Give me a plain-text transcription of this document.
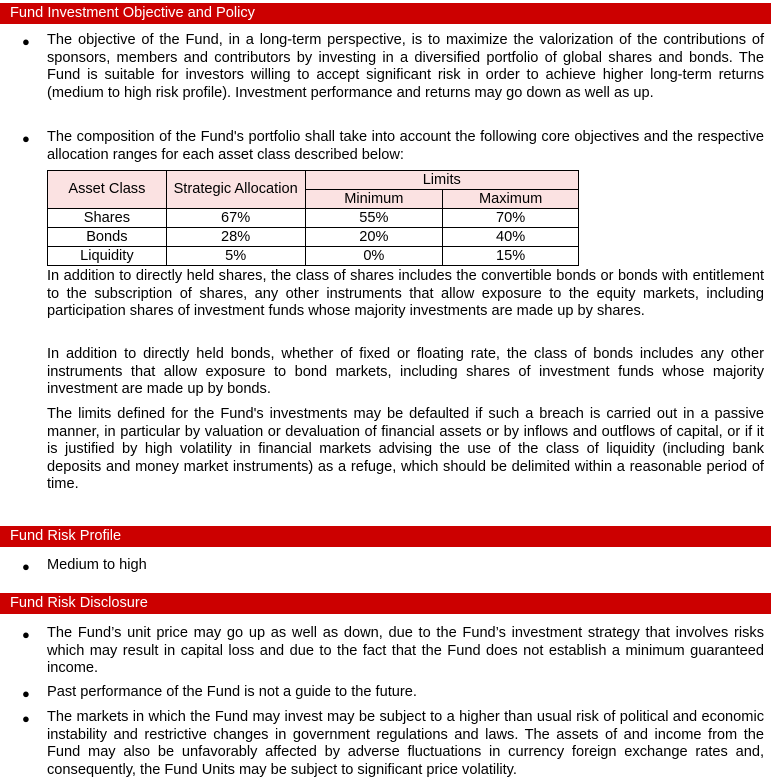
Fund Investment Objective and Policy
● The objective of the Fund, in a long-term perspective, is to maximize the valorization of the contributions of sponsors, members and contributors by investing in a diversified portfolio of global shares and bonds. The Fund is suitable for investors willing to accept significant risk in order to achieve higher long-term returns (medium to high risk profile). Investment performance and returns may go down as well as up.
● The composition of the Fund's portfolio shall take into account the following core objectives and the respective allocation ranges for each asset class described below:
Asset Class	Strategic Allocation	Limits	
		Minimum	Maximum
Shares	67%	55%	70%
Bonds	28%	20%	40%
Liquidity	5%	0%	15%
In addition to directly held shares, the class of shares includes the convertible bonds or bonds with entitlement to the subscription of shares, any other instruments that allow exposure to the equity markets, including participation shares of investment funds whose majority investments are made up by shares.
In addition to directly held bonds, whether of fixed or floating rate, the class of bonds includes any other instruments that allow exposure to bond markets, including shares of investment funds whose majority investment are made up by bonds.
The limits defined for the Fund's investments may be defaulted if such a breach is carried out in a passive manner, in particular by valuation or devaluation of financial assets or by inflows and outflows of capital, or if it is justified by high volatility in financial markets advising the use of the class of liquidity (including bank deposits and money market instruments) as a refuge, which should be delimited within a reasonable period of time.
Fund Risk Profile
● Medium to high
Fund Risk Disclosure
● The Fund’s unit price may go up as well as down, due to the Fund’s investment strategy that involves risks which may result in capital loss and due to the fact that the Fund does not establish a minimum guaranteed income.
● Past performance of the Fund is not a guide to the future.
● The markets in which the Fund may invest may be subject to a higher than usual risk of political and economic instability and restrictive changes in government regulations and laws. The assets of and income from the Fund may also be unfavorably affected by adverse fluctuations in currency foreign exchange rates and, consequently, the Fund Units may be subject to significant price volatility.
